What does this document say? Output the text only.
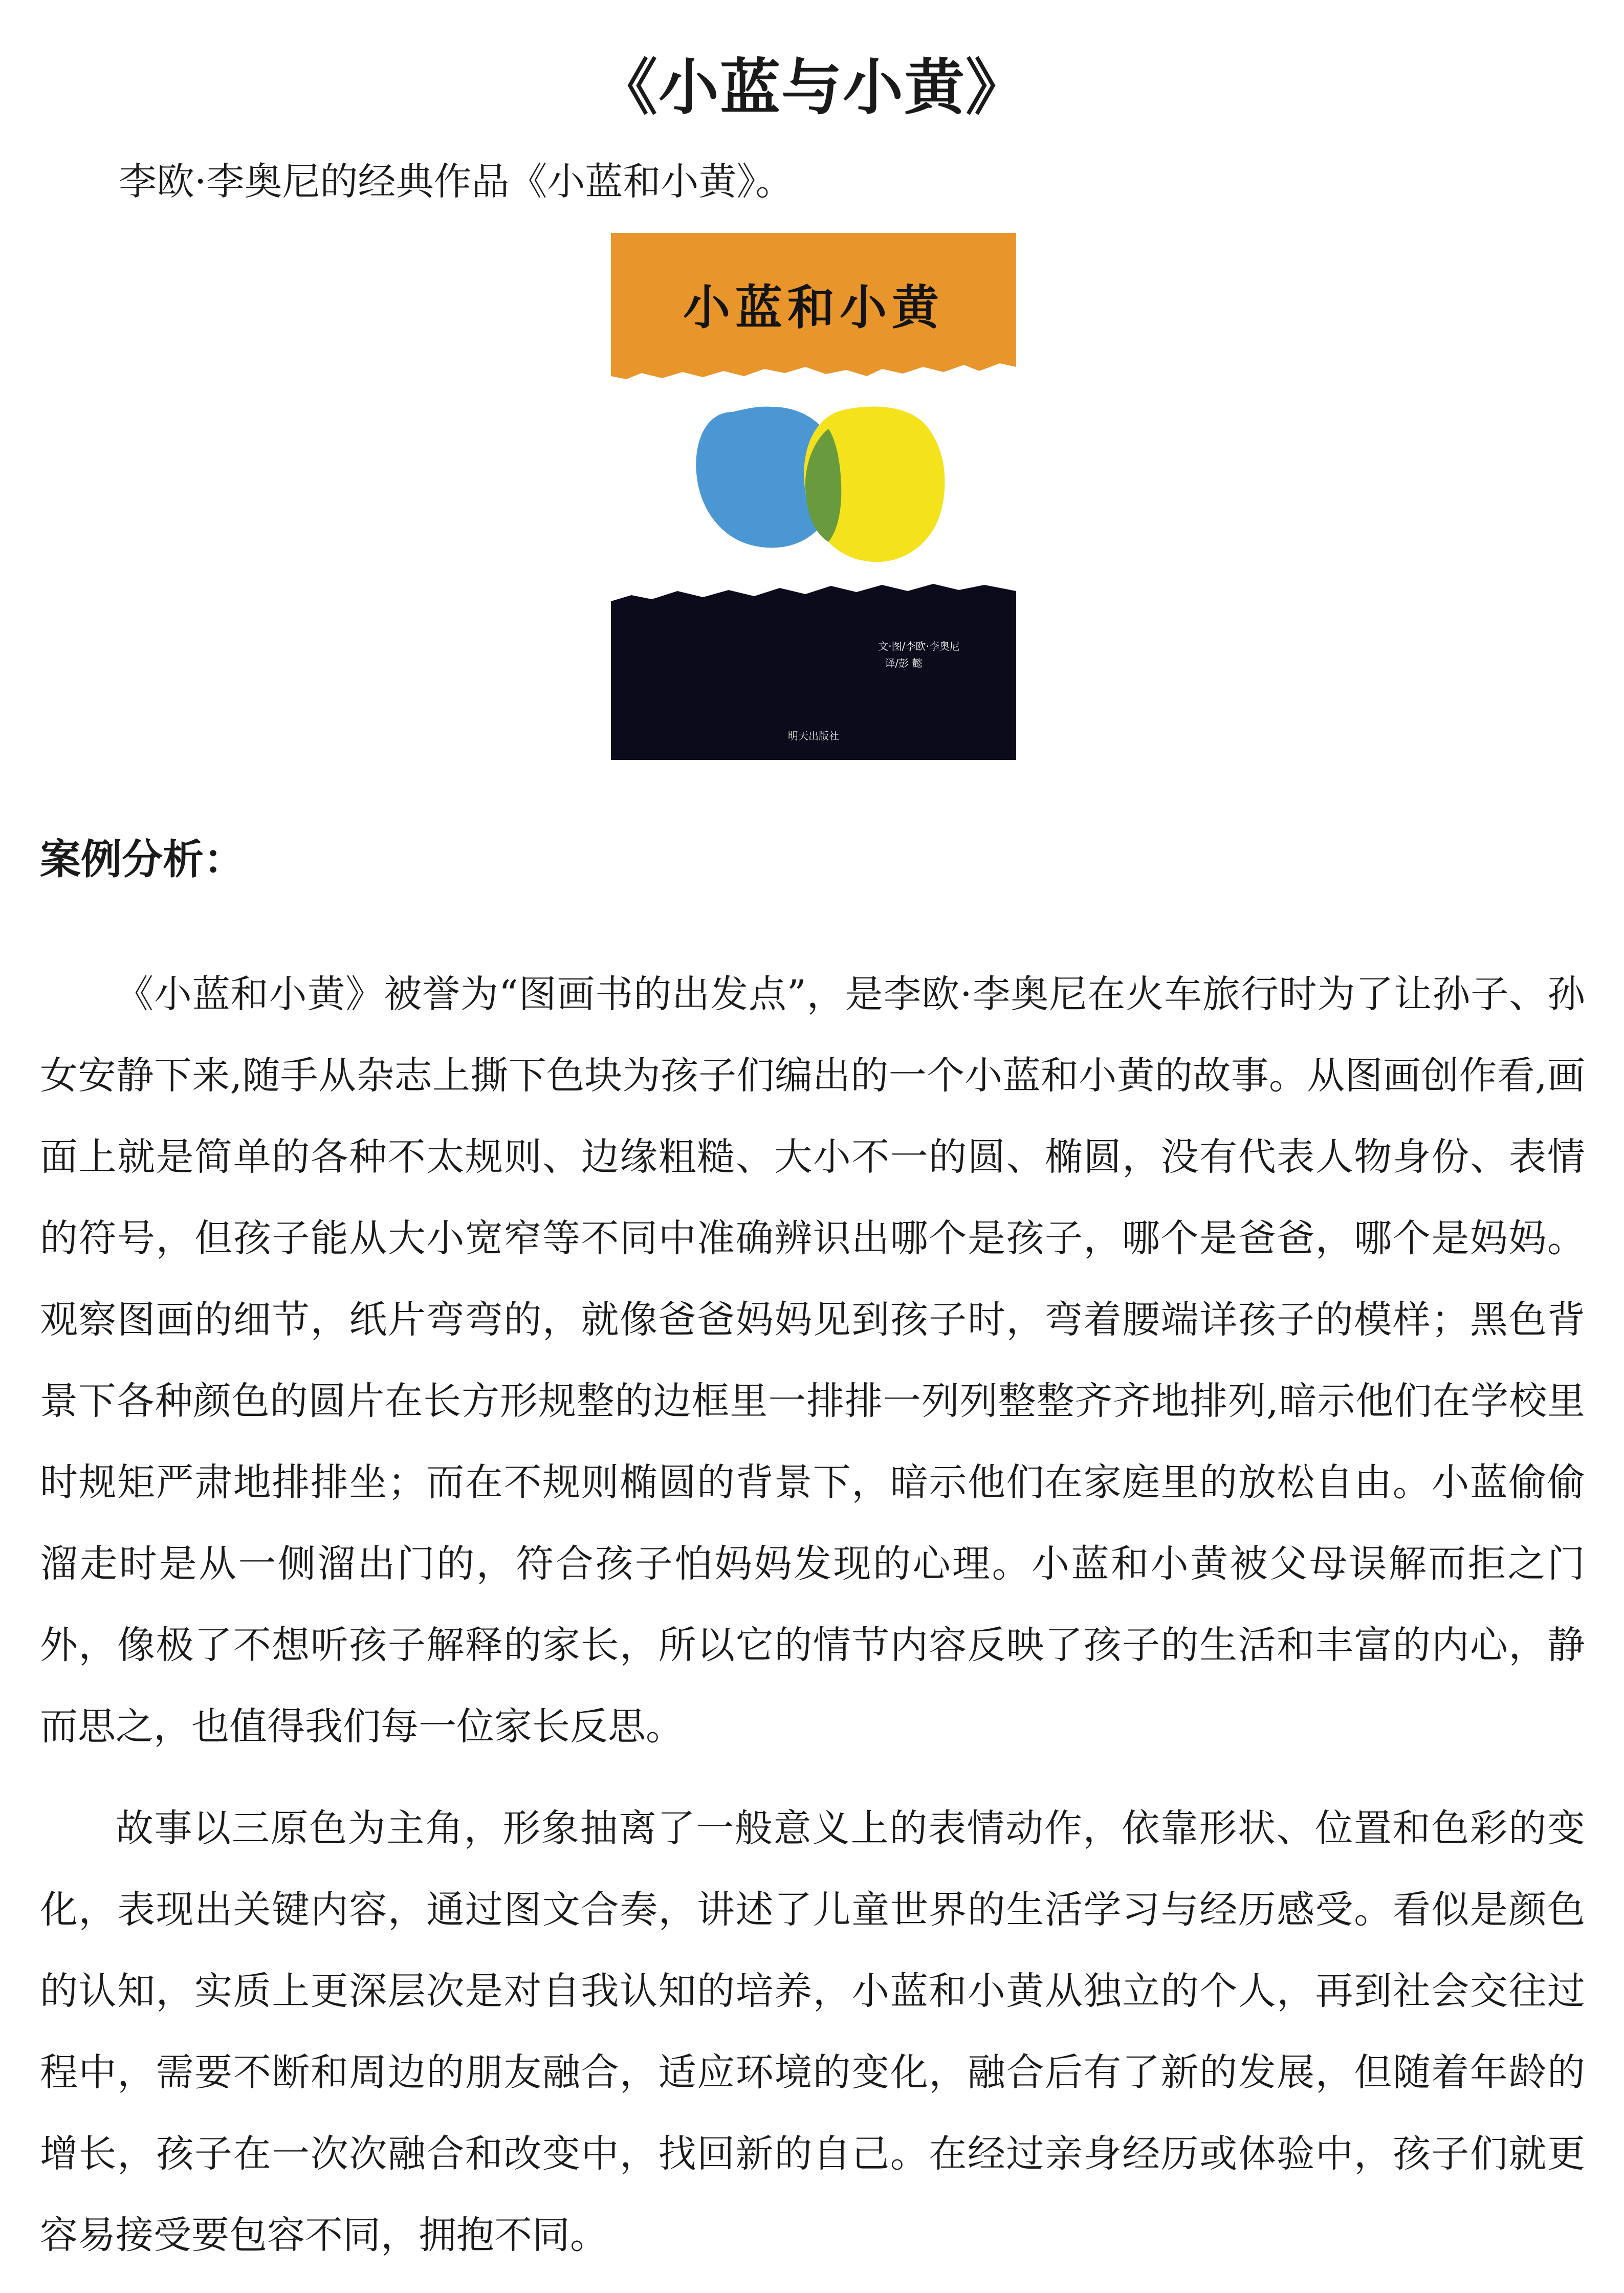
《小蓝与小黄》
李欧·李奥尼的经典作品《小蓝和小黄》。
小蓝和小黄
文·图/李欧·李奥尼
译/彭 懿
明天出版社
案例分析：

《小蓝和小黄》被誉为“图画书的出发点”，是李欧·李奥尼在火车旅行时为了让孙子、孙女安静下来,随手从杂志上撕下色块为孩子们编出的一个小蓝和小黄的故事。从图画创作看,画面上就是简单的各种不太规则、边缘粗糙、大小不一的圆、椭圆，没有代表人物身份、表情的符号，但孩子能从大小宽窄等不同中准确辨识出哪个是孩子，哪个是爸爸，哪个是妈妈。观察图画的细节，纸片弯弯的，就像爸爸妈妈见到孩子时，弯着腰端详孩子的模样；黑色背景下各种颜色的圆片在长方形规整的边框里一排排一列列整整齐齐地排列,暗示他们在学校里时规矩严肃地排排坐；而在不规则椭圆的背景下，暗示他们在家庭里的放松自由。小蓝偷偷溜走时是从一侧溜出门的，符合孩子怕妈妈发现的心理。小蓝和小黄被父母误解而拒之门外，像极了不想听孩子解释的家长，所以它的情节内容反映了孩子的生活和丰富的内心，静而思之，也值得我们每一位家长反思。

故事以三原色为主角，形象抽离了一般意义上的表情动作，依靠形状、位置和色彩的变化，表现出关键内容，通过图文合奏，讲述了儿童世界的生活学习与经历感受。看似是颜色的认知，实质上更深层次是对自我认知的培养，小蓝和小黄从独立的个人，再到社会交往过程中，需要不断和周边的朋友融合，适应环境的变化，融合后有了新的发展，但随着年龄的增长，孩子在一次次融合和改变中，找回新的自己。在经过亲身经历或体验中，孩子们就更容易接受要包容不同，拥抱不同。
